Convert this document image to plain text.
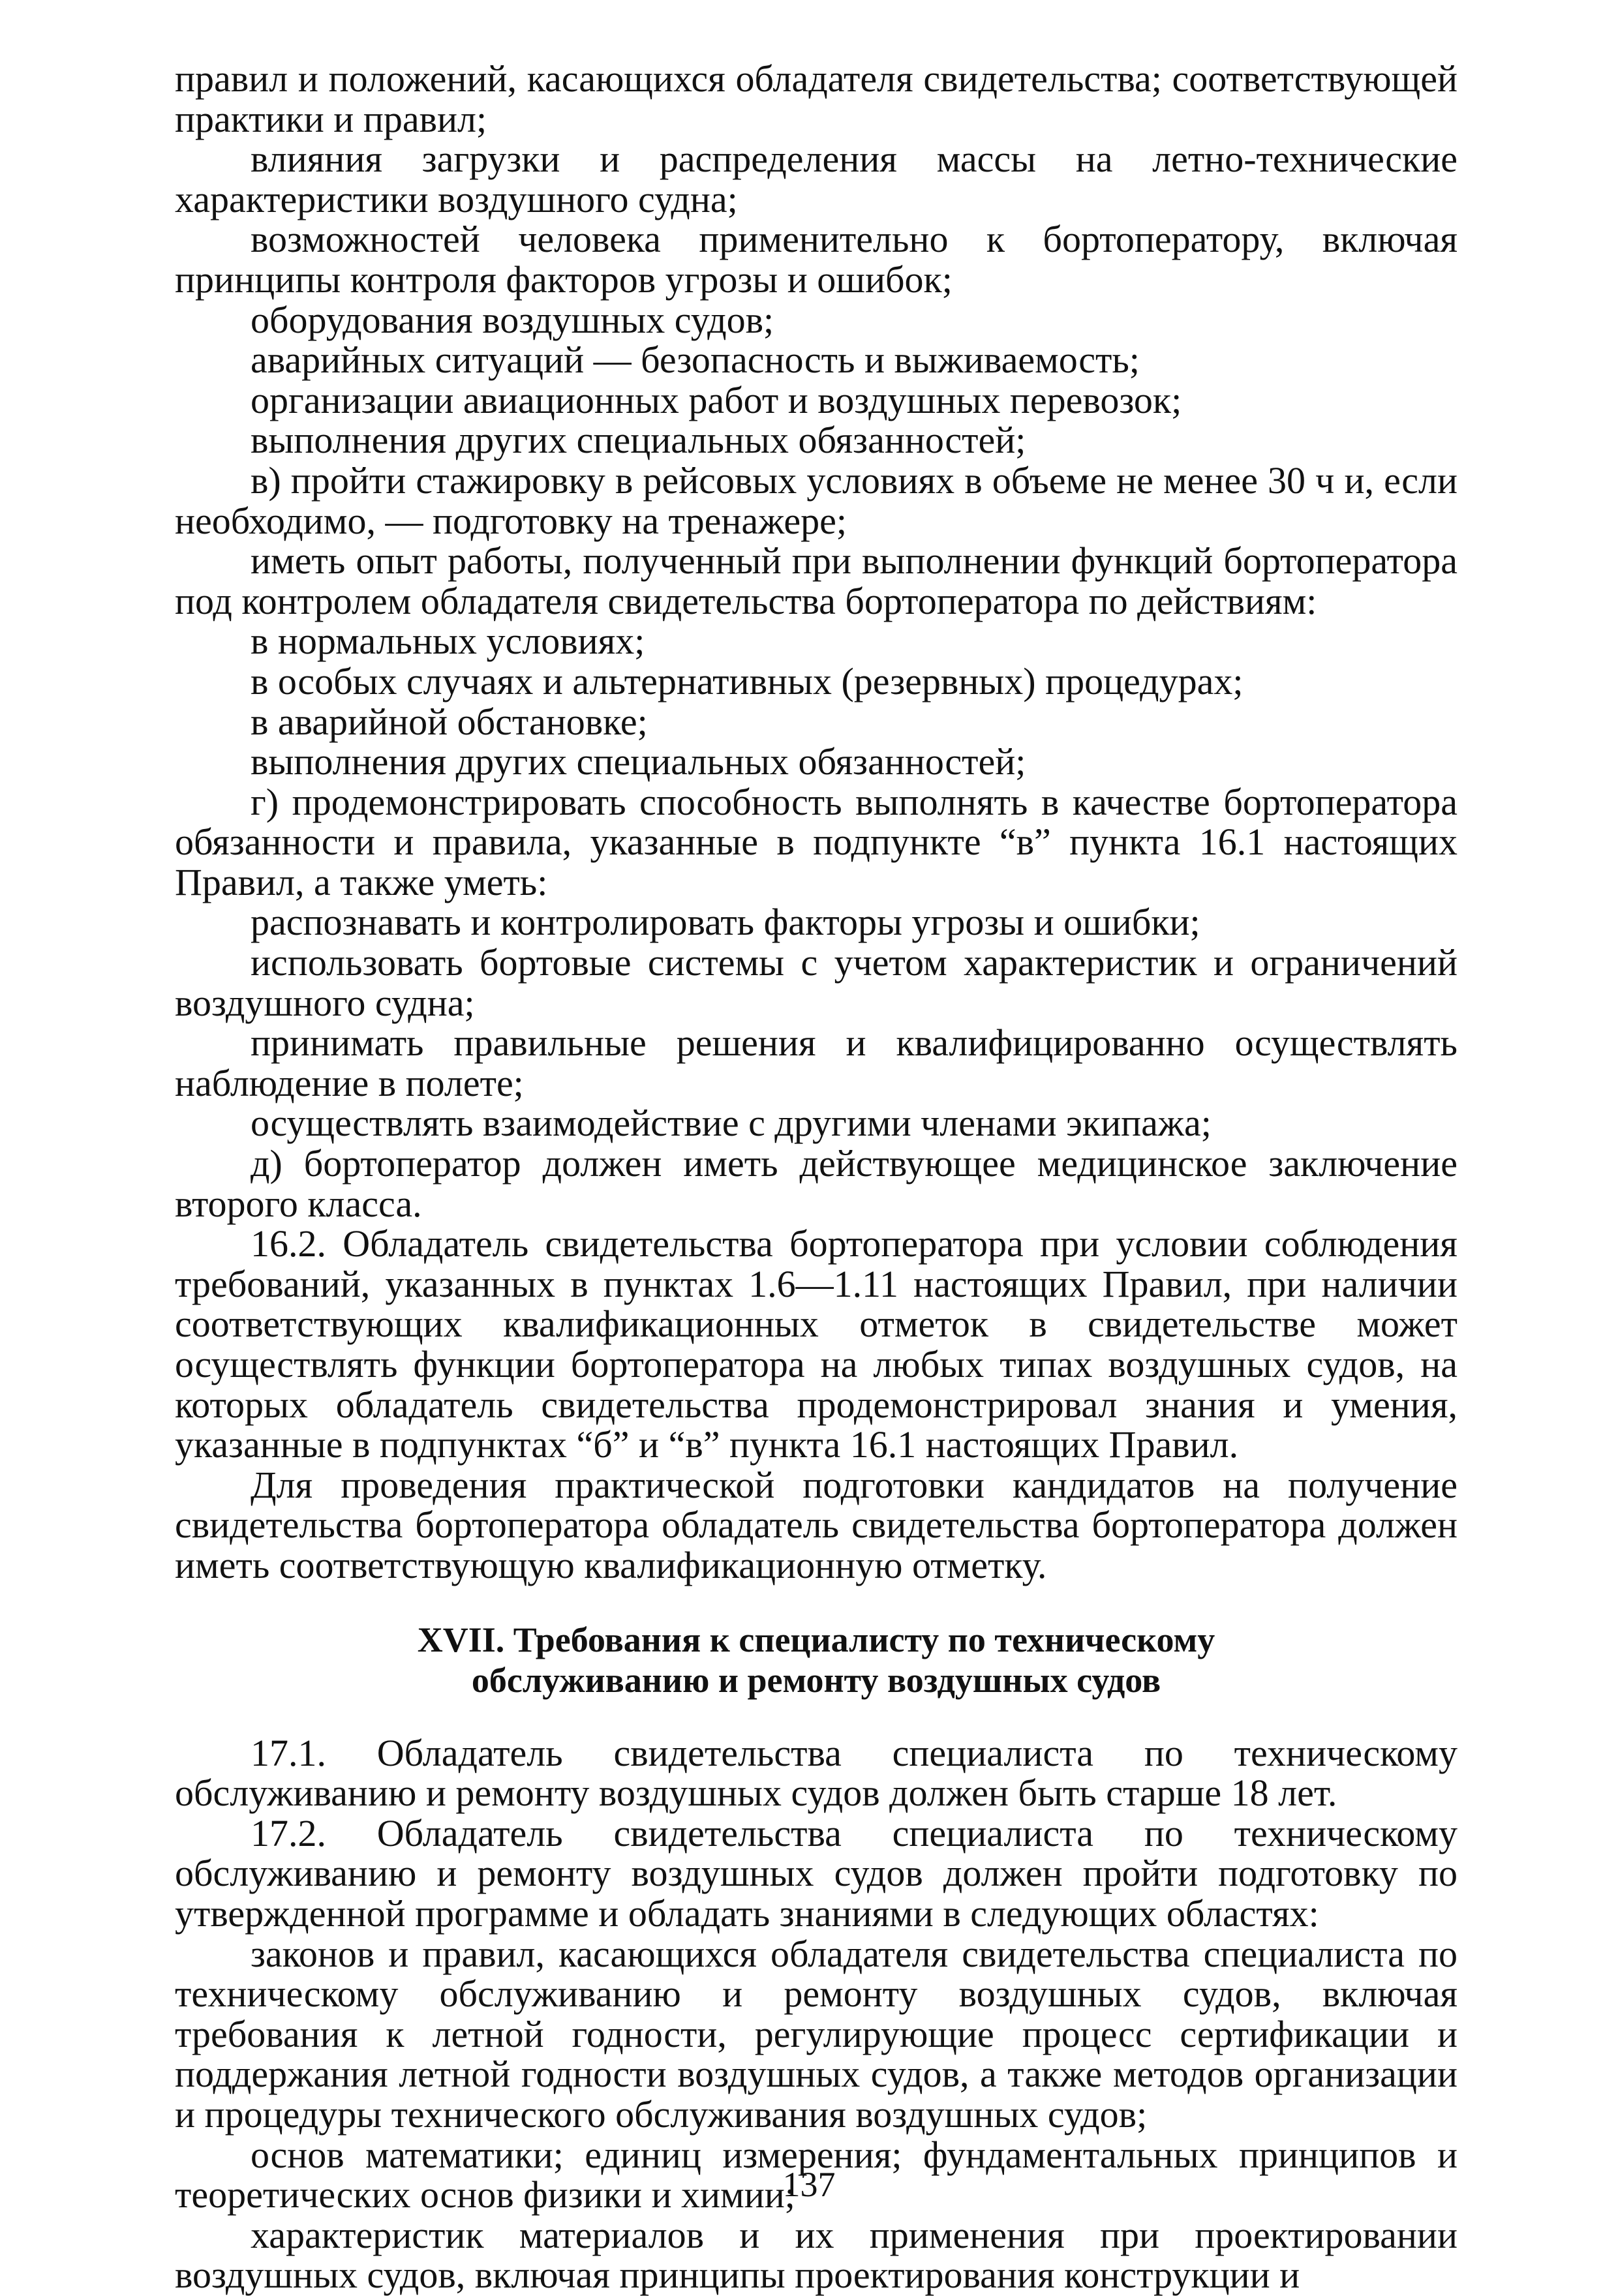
правил и положений, касающихся обладателя свидетельства; соответствующей практики и правил;

влияния загрузки и распределения массы на летно-технические характеристики воздушного судна;

возможностей человека применительно к бортоператору, включая принципы контроля факторов угрозы и ошибок;

оборудования воздушных судов;

аварийных ситуаций — безопасность и выживаемость;

организации авиационных работ и воздушных перевозок;

выполнения других специальных обязанностей;

в) пройти стажировку в рейсовых условиях в объеме не менее 30 ч и, если необходимо, — подготовку на тренажере;

иметь опыт работы, полученный при выполнении функций бортоператора под контролем обладателя свидетельства бортоператора по действиям:

в нормальных условиях;

в особых случаях и альтернативных (резервных) процедурах;

в аварийной обстановке;

выполнения других специальных обязанностей;

г) продемонстрировать способность выполнять в качестве бортоператора обязанности и правила, указанные в подпункте “в” пункта 16.1 настоящих Правил, а также уметь:

распознавать и контролировать факторы угрозы и ошибки;

использовать бортовые системы с учетом характеристик и ограничений воздушного судна;

принимать правильные решения и квалифицированно осуществлять наблюдение в полете;

осуществлять взаимодействие с другими членами экипажа;

д) бортоператор должен иметь действующее медицинское заключение второго класса.

16.2. Обладатель свидетельства бортоператора при условии соблюдения требований, указанных в пунктах 1.6—1.11 настоящих Правил, при наличии соответствующих квалификационных отметок в свидетельстве может осуществлять функции бортоператора на любых типах воздушных судов, на которых обладатель свидетельства продемонстрировал знания и умения, указанные в подпунктах “б” и “в” пункта 16.1 настоящих Правил.

Для проведения практической подготовки кандидатов на получение свидетельства бортоператора обладатель свидетельства бортоператора должен иметь соответствующую квалификационную отметку.

XVII. Требования к специалисту по техническому
обслуживанию и ремонту воздушных судов

17.1. Обладатель свидетельства специалиста по техническому обслуживанию и ремонту воздушных судов должен быть старше 18 лет.

17.2. Обладатель свидетельства специалиста по техническому обслуживанию и ремонту воздушных судов должен пройти подготовку по утвержденной программе и обладать знаниями в следующих областях:

законов и правил, касающихся обладателя свидетельства специалиста по техническому обслуживанию и ремонту воздушных судов, включая требования к летной годности, регулирующие процесс сертификации и поддержания летной годности воздушных судов, а также методов организации и процедуры технического обслуживания воздушных судов;

основ математики; единиц измерения; фундаментальных принципов и теоретических основ физики и химии;

характеристик материалов и их применения при проектировании воздушных судов, включая принципы проектирования конструкции и

137
